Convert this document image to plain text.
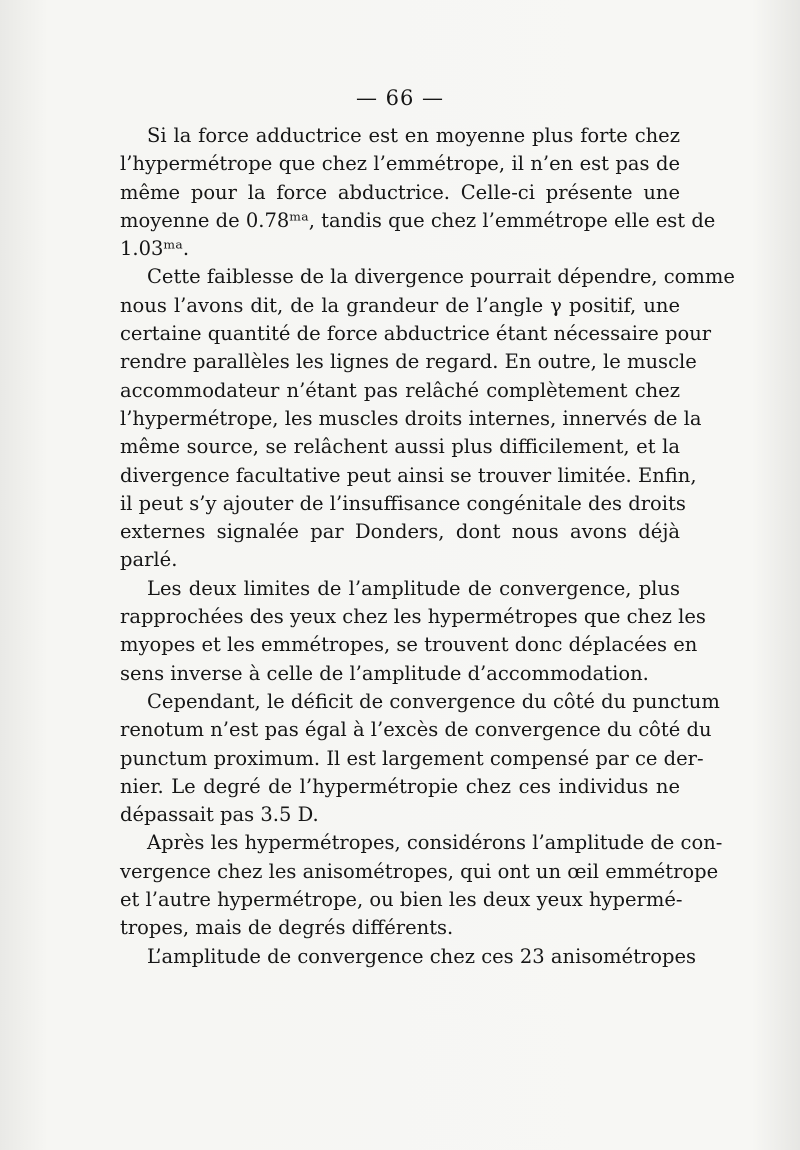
— 66 —
Si la force adductrice est en moyenne plus forte chez
l’hypermétrope que chez l’emmétrope, il n’en est pas de
même pour la force abductrice. Celle-ci présente une
moyenne de 0.78ᵐᵃ, tandis que chez l’emmétrope elle est de
1.03ᵐᵃ.
Cette faiblesse de la divergence pourrait dépendre, comme
nous l’avons dit, de la grandeur de l’angle γ positif, une
certaine quantité de force abductrice étant nécessaire pour
rendre parallèles les lignes de regard. En outre, le muscle
accommodateur n’étant pas relâché complètement chez
l’hypermétrope, les muscles droits internes, innervés de la
même source, se relâchent aussi plus difficilement, et la
divergence facultative peut ainsi se trouver limitée. Enfin,
il peut s’y ajouter de l’insuffisance congénitale des droits
externes signalée par Donders, dont nous avons déjà
parlé.
Les deux limites de l’amplitude de convergence, plus
rapprochées des yeux chez les hypermétropes que chez les
myopes et les emmétropes, se trouvent donc déplacées en
sens inverse à celle de l’amplitude d’accommodation.
Cependant, le déficit de convergence du côté du punctum
renotum n’est pas égal à l’excès de convergence du côté du
punctum proximum. Il est largement compensé par ce der-
nier. Le degré de l’hypermétropie chez ces individus ne
dépassait pas 3.5 D.
Après les hypermétropes, considérons l’amplitude de con-
vergence chez les anisométropes, qui ont un œil emmétrope
et l’autre hypermétrope, ou bien les deux yeux hypermé-
tropes, mais de degrés différents.
L’amplitude de convergence chez ces 23 anisométropes
